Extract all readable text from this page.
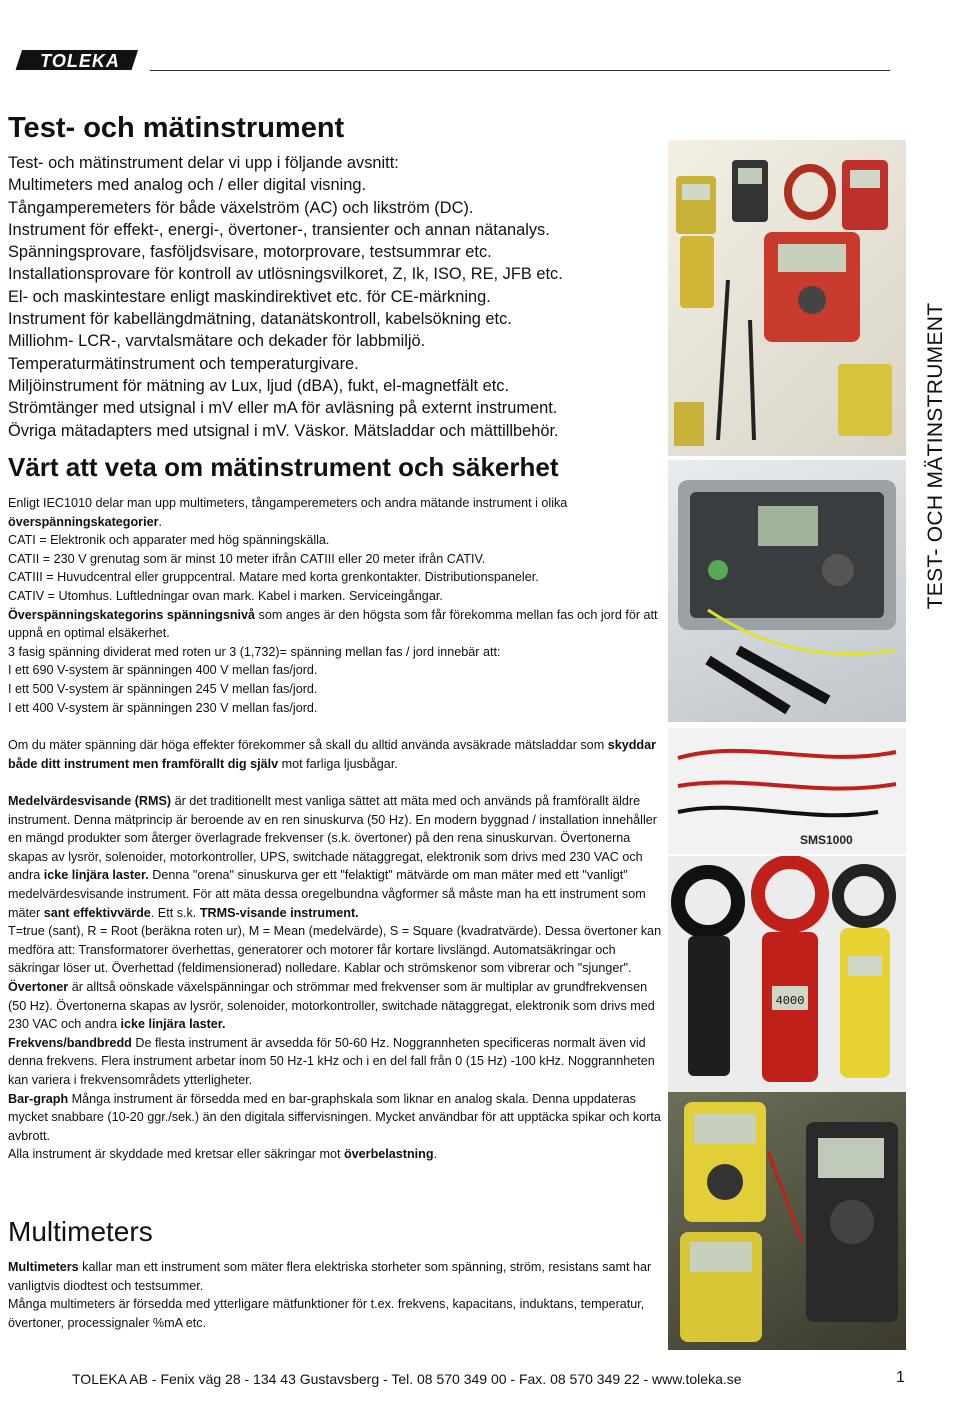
TOLEKA
TEST- OCH MÄTINSTRUMENT
Test- och mätinstrument
Test- och mätinstrument delar vi upp i följande avsnitt:
Multimeters med analog och / eller digital visning.
Tångamperemeters för både växelström (AC) och likström (DC).
Instrument för effekt-, energi-, övertoner-, transienter och annan nätanalys.
Spänningsprovare, fasföljdsvisare, motorprovare, testsummrar etc.
Installationsprovare för kontroll av utlösningsvilkoret, Z, Ik, ISO, RE, JFB etc.
El- och maskintestare enligt maskindirektivet etc. för CE-märkning.
Instrument för kabellängdmätning, datanätskontroll, kabelsökning etc.
Milliohm- LCR-, varvtalsmätare och dekader för labbmiljö.
Temperaturmätinstrument och temperaturgivare.
Miljöinstrument för mätning av Lux, ljud (dBA), fukt, el-magnetfält etc.
Strömtänger med utsignal i mV eller mA för avläsning på externt instrument.
Övriga mätadapters med utsignal i mV. Väskor. Mätsladdar och mättillbehör.
Värt att veta om mätinstrument och säkerhet
Enligt IEC1010 delar man upp multimeters, tångamperemeters och andra mätande instrument i olika överspänningskategorier.
CATI = Elektronik och apparater med hög spänningskälla.
CATII = 230 V grenutag som är minst 10 meter ifrån CATIII eller 20 meter ifrån CATIV.
CATIII = Huvudcentral eller gruppcentral. Matare med korta grenkontakter. Distributionspaneler.
CATIV = Utomhus. Luftledningar ovan mark. Kabel i marken. Serviceingångar.
Överspänningskategorins spänningsnivå som anges är den högsta som får förekomma mellan fas och jord för att uppnå en optimal elsäkerhet.
3 fasig spänning dividerat med roten ur 3 (1,732)= spänning mellan fas / jord innebär att:
I ett 690 V-system är spänningen 400 V mellan fas/jord.
I ett 500 V-system är spänningen 245 V mellan fas/jord.
I ett 400 V-system är spänningen 230 V mellan fas/jord.
Om du mäter spänning där höga effekter förekommer så skall du alltid använda avsäkrade mätsladdar som skyddar både ditt instrument men framförallt dig själv mot farliga ljusbågar.
Medelvärdesvisande (RMS) är det traditionellt mest vanliga sättet att mäta med och används på framförallt äldre instrument. Denna mätprincip är beroende av en ren sinuskurva (50 Hz). En modern byggnad / installation innehåller en mängd produkter som återger överlagrade frekvenser (s.k. övertoner) på den rena sinuskurvan. Övertonerna skapas av lysrör, solenoider, motorkontroller, UPS, switchade nätaggregat, elektronik som drivs med 230 VAC och andra icke linjära laster. Denna "orena" sinuskurva ger ett "felaktigt" mätvärde om man mäter med ett "vanligt" medelvärdesvisande instrument. För att mäta dessa oregelbundna vågformer så måste man ha ett instrument som mäter sant effektivvärde. Ett s.k. TRMS-visande instrument.
T=true (sant), R = Root (beräkna roten ur), M = Mean (medelvärde), S = Square (kvadratvärde). Dessa övertoner kan medföra att: Transformatorer överhettas, generatorer och motorer får kortare livslängd. Automatsäkringar och säkringar löser ut. Överhettad (feldimensionerad) nolledare. Kablar och strömskenor som vibrerar och "sjunger".
Övertoner är alltså oönskade växelspänningar och strömmar med frekvenser som är multiplar av grundfrekvensen (50 Hz). Övertonerna skapas av lysrör, solenoider, motorkontroller, switchade nätaggregat, elektronik som drivs med 230 VAC och andra icke linjära laster.
Frekvens/bandbredd De flesta instrument är avsedda för 50-60 Hz. Noggrannheten specificeras normalt även vid denna frekvens. Flera instrument arbetar inom 50 Hz-1 kHz och i en del fall från 0 (15 Hz) -100 kHz. Noggrannheten kan variera i frekvensområdets ytterligheter.
Bar-graph Många instrument är försedda med en bar-graphskala som liknar en analog skala. Denna uppdateras mycket snabbare (10-20 ggr./sek.) än den digitala siffervisningen. Mycket användbar för att upptäcka spikar och korta avbrott.
Alla instrument är skyddade med kretsar eller säkringar mot överbelastning.
Multimeters
Multimeters kallar man ett instrument som mäter flera elektriska storheter som spänning, ström, resistans samt har vanligtvis diodtest och testsummer.
Många multimeters är försedda med ytterligare mätfunktioner för t.ex. frekvens, kapacitans, induktans, temperatur, övertoner, processignaler %mA etc.
SMS1000
4000
TOLEKA AB - Fenix väg 28 - 134 43 Gustavsberg - Tel. 08 570 349 00 - Fax. 08 570 349 22 - www.toleka.se	1
